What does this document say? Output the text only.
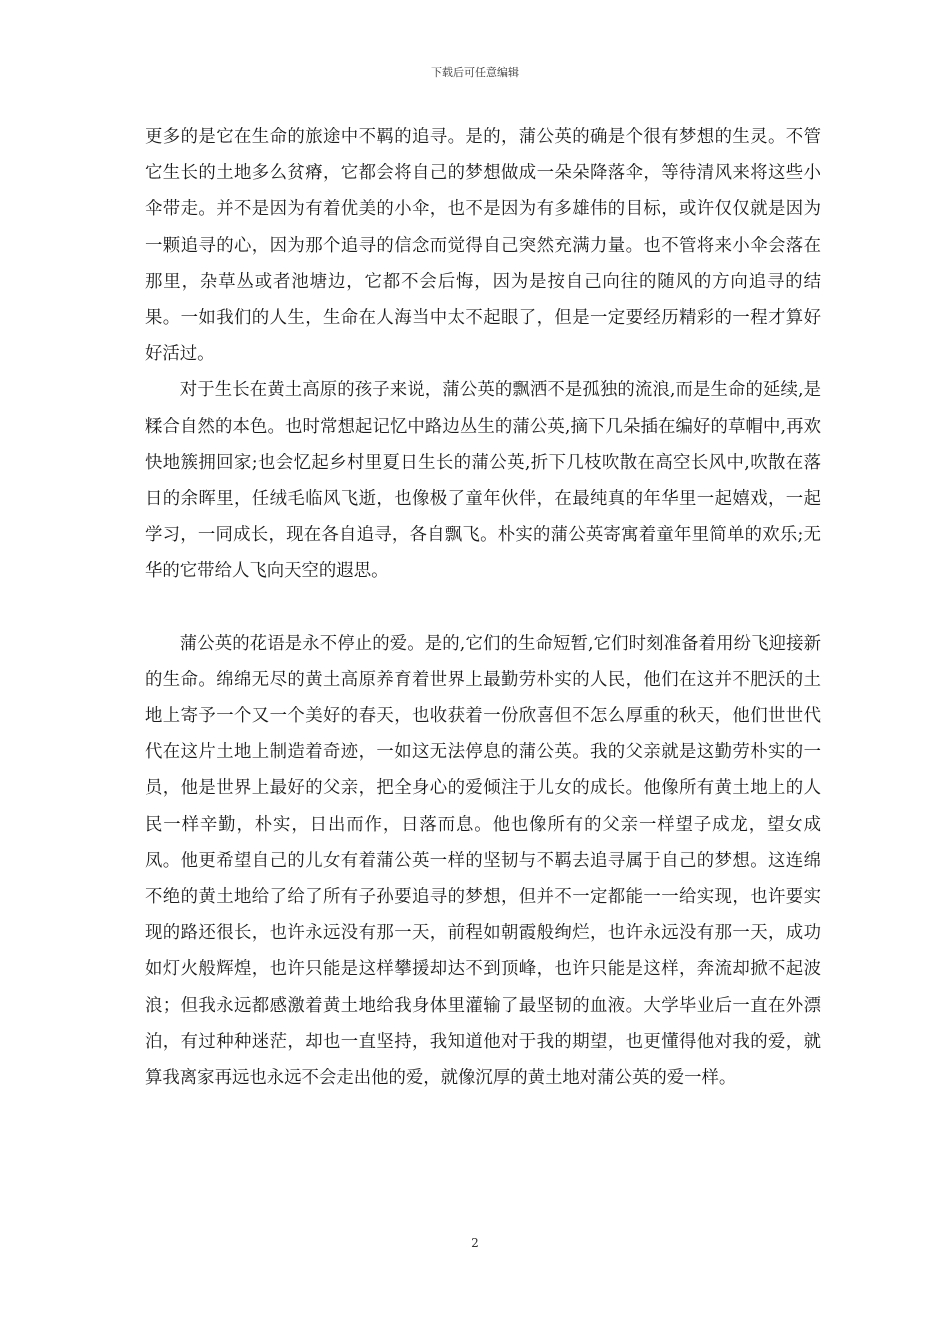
下载后可任意编辑

更多的是它在生命的旅途中不羁的追寻。是的，蒲公英的确是个很有梦想的生灵。不管它生长的土地多么贫瘠，它都会将自己的梦想做成一朵朵降落伞，等待清风来将这些小伞带走。并不是因为有着优美的小伞，也不是因为有多雄伟的目标，或许仅仅就是因为一颗追寻的心，因为那个追寻的信念而觉得自己突然充满力量。也不管将来小伞会落在那里，杂草丛或者池塘边，它都不会后悔，因为是按自己向往的随风的方向追寻的结果。一如我们的人生，生命在人海当中太不起眼了，但是一定要经历精彩的一程才算好好活过。

对于生长在黄土高原的孩子来说，蒲公英的飘洒不是孤独的流浪,而是生命的延续,是糅合自然的本色。也时常想起记忆中路边丛生的蒲公英,摘下几朵插在编好的草帽中,再欢快地簇拥回家;也会忆起乡村里夏日生长的蒲公英,折下几枝吹散在高空长风中,吹散在落日的余晖里，任绒毛临风飞逝，也像极了童年伙伴，在最纯真的年华里一起嬉戏，一起学习，一同成长，现在各自追寻，各自飘飞。朴实的蒲公英寄寓着童年里简单的欢乐;无华的它带给人飞向天空的遐思。

蒲公英的花语是永不停止的爱。是的,它们的生命短暂,它们时刻准备着用纷飞迎接新的生命。绵绵无尽的黄土高原养育着世界上最勤劳朴实的人民，他们在这并不肥沃的土地上寄予一个又一个美好的春天，也收获着一份欣喜但不怎么厚重的秋天，他们世世代代在这片土地上制造着奇迹，一如这无法停息的蒲公英。我的父亲就是这勤劳朴实的一员，他是世界上最好的父亲，把全身心的爱倾注于儿女的成长。他像所有黄土地上的人民一样辛勤，朴实，日出而作，日落而息。他也像所有的父亲一样望子成龙，望女成凤。他更希望自己的儿女有着蒲公英一样的坚韧与不羁去追寻属于自己的梦想。这连绵不绝的黄土地给了给了所有子孙要追寻的梦想，但并不一定都能一一给实现，也许要实现的路还很长，也许永远没有那一天，前程如朝霞般绚烂，也许永远没有那一天，成功如灯火般辉煌，也许只能是这样攀援却达不到顶峰，也许只能是这样，奔流却掀不起波浪；但我永远都感激着黄土地给我身体里灌输了最坚韧的血液。大学毕业后一直在外漂泊，有过种种迷茫，却也一直坚持，我知道他对于我的期望，也更懂得他对我的爱，就算我离家再远也永远不会走出他的爱，就像沉厚的黄土地对蒲公英的爱一样。

2
